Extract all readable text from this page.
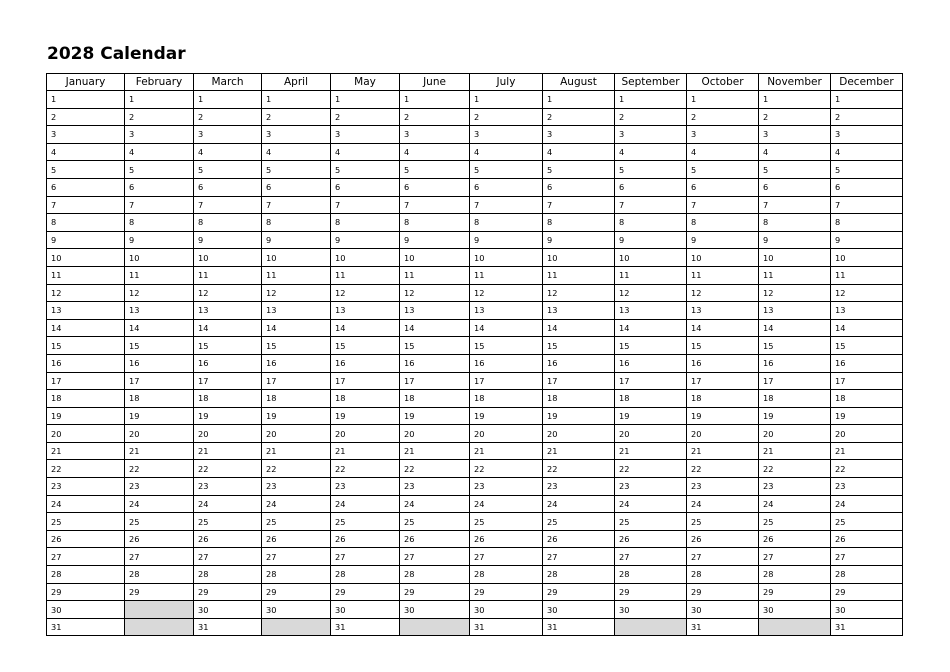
2028 Calendar
January	February	March	April	May	June	July	August	September	October	November	December
1	1	1	1	1	1	1	1	1	1	1	1
2	2	2	2	2	2	2	2	2	2	2	2
3	3	3	3	3	3	3	3	3	3	3	3
4	4	4	4	4	4	4	4	4	4	4	4
5	5	5	5	5	5	5	5	5	5	5	5
6	6	6	6	6	6	6	6	6	6	6	6
7	7	7	7	7	7	7	7	7	7	7	7
8	8	8	8	8	8	8	8	8	8	8	8
9	9	9	9	9	9	9	9	9	9	9	9
10	10	10	10	10	10	10	10	10	10	10	10
11	11	11	11	11	11	11	11	11	11	11	11
12	12	12	12	12	12	12	12	12	12	12	12
13	13	13	13	13	13	13	13	13	13	13	13
14	14	14	14	14	14	14	14	14	14	14	14
15	15	15	15	15	15	15	15	15	15	15	15
16	16	16	16	16	16	16	16	16	16	16	16
17	17	17	17	17	17	17	17	17	17	17	17
18	18	18	18	18	18	18	18	18	18	18	18
19	19	19	19	19	19	19	19	19	19	19	19
20	20	20	20	20	20	20	20	20	20	20	20
21	21	21	21	21	21	21	21	21	21	21	21
22	22	22	22	22	22	22	22	22	22	22	22
23	23	23	23	23	23	23	23	23	23	23	23
24	24	24	24	24	24	24	24	24	24	24	24
25	25	25	25	25	25	25	25	25	25	25	25
26	26	26	26	26	26	26	26	26	26	26	26
27	27	27	27	27	27	27	27	27	27	27	27
28	28	28	28	28	28	28	28	28	28	28	28
29	29	29	29	29	29	29	29	29	29	29	29
30		30	30	30	30	30	30	30	30	30	30
31		31		31		31	31		31		31
